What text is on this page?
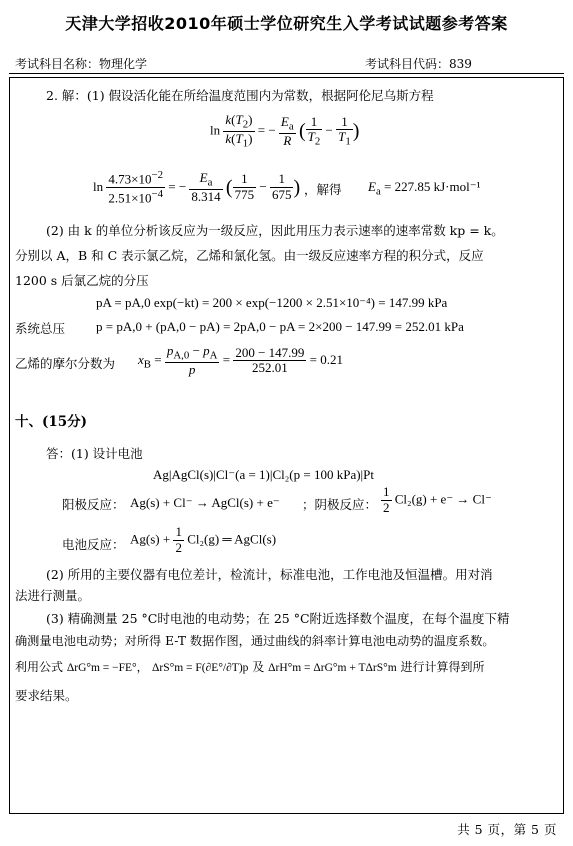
天津大学招收2010年硕士学位研究生入学考试试题参考答案
考试科目名称：物理化学	考试科目代码：839
2. 解：(1) 假设活化能在所给温度范围内为常数，根据阿伦尼乌斯方程
$\ln \frac{k(T_2)}{k(T_1)}$ = − $\frac{E_a}{R}$ ( $\frac{1}{T_2} - \frac{1}{T_1}$ )
$\ln \frac{4.73\times 10^{-2}}{2.51\times 10^{-4}}$ = − $\frac{E_a}{8.314}$ ( $\frac{1}{775} - \frac{1}{675}$ ) ，解得 $E_a = 227.85$ kJ·mol⁻¹
(2) 由 k 的单位分析该反应为一级反应，因此用压力表示速率的速率常数 kp = k。
分别以 A，B 和 C 表示氯乙烷，乙烯和氯化氢。由一级反应速率方程的积分式，反应
1200 s 后氯乙烷的分压
pA = pA,0 exp(−kt) = 200 × exp(−1200 × 2.51×10⁻⁴) = 147.99 kPa
系统总压 p = pA,0 + (pA,0 − pA) = 2pA,0 − pA = 2×200 − 147.99 = 252.01 kPa
乙烯的摩尔分数为 $x_B = \frac{p_{A,0} - p_A}{p} = \frac{200 - 147.99}{252.01} = 0.21$
十、(15分)
答：(1) 设计电池
Ag|AgCl(s)|Cl⁻(a = 1)|Cl₂(p = 100 kPa)|Pt
阳极反应： Ag(s) + Cl⁻ → AgCl(s) + e⁻ ；阴极反应： $\frac{1}{2} Cl_2(g) + e^- \to Cl^-$
电池反应： $Ag(s) + \frac{1}{2} Cl_2(g)$ ═ AgCl(s)
(2) 所用的主要仪器有电位差计，检流计，标准电池，工作电池及恒温槽。用对消
法进行测量。
(3) 精确测量 25 °C时电池的电动势；在 25 °C附近选择数个温度，在每个温度下精
确测量电池电动势；对所得 E-T 数据作图，通过曲线的斜率计算电池电动势的温度系数。
利用公式 ΔrG°m = −FE°， ΔrS°m = F(∂E°/∂T)p 及 ΔrH°m = ΔrG°m + TΔrS°m 进行计算得到所
要求结果。
共 5 页，第 5 页
